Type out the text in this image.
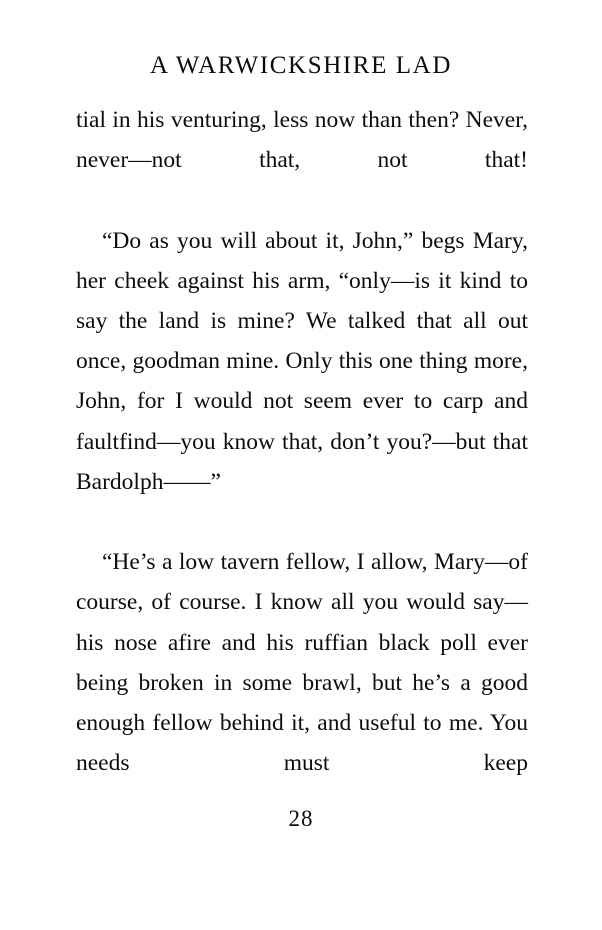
A WARWICKSHIRE LAD

tial in his venturing, less now than then? Never, never—not that, not that!

“Do as you will about it, John,” begs Mary, her cheek against his arm, “only—is it kind to say the land is mine? We talked that all out once, goodman mine. Only this one thing more, John, for I would not seem ever to carp and faultfind—you know that, don’t you?—but that Bardolph——”

“He’s a low tavern fellow, I allow, Mary—of course, of course. I know all you would say—his nose afire and his ruffian black poll ever being broken in some brawl, but he’s a good enough fellow behind it, and useful to me. You needs must keep

28
